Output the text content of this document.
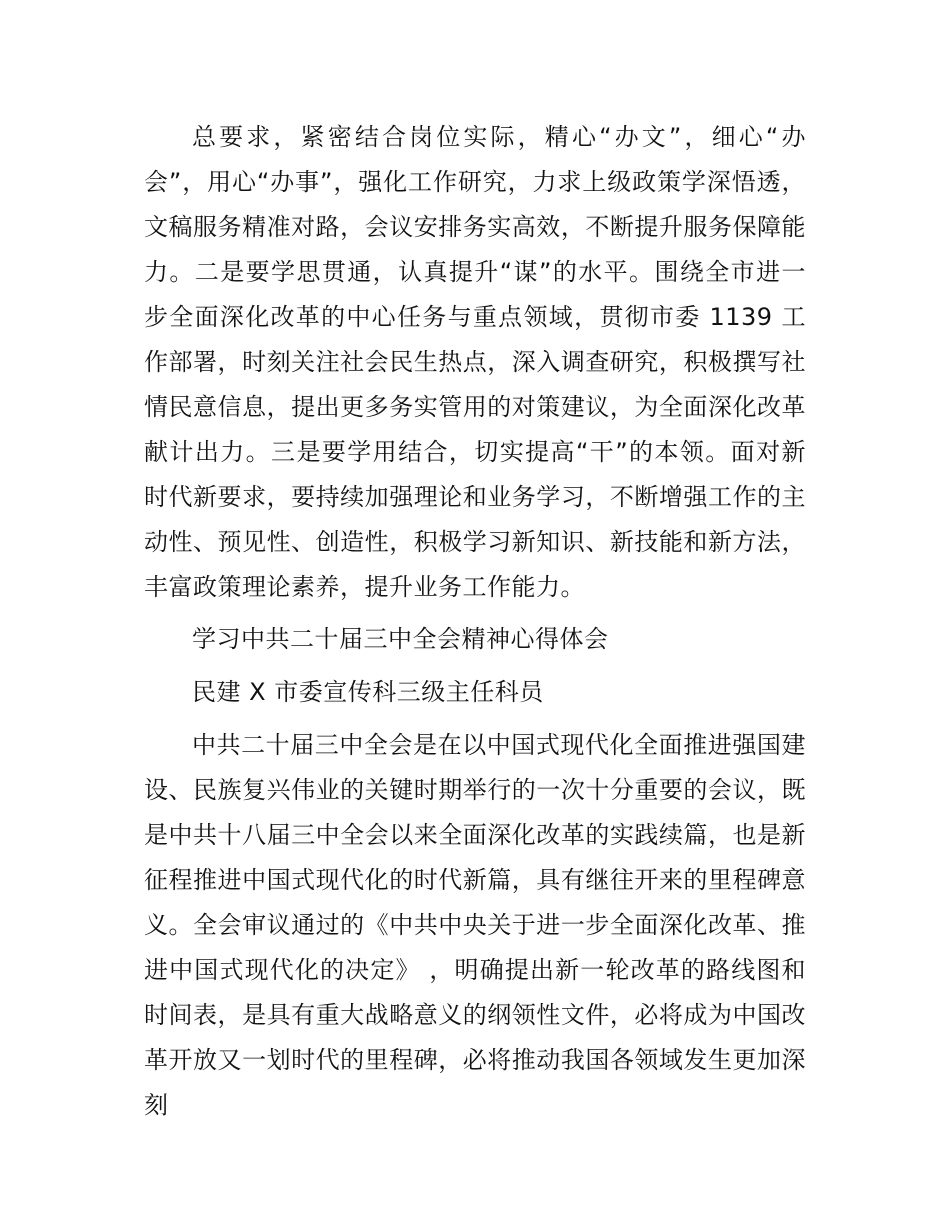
总要求，紧密结合岗位实际，精心“办文”，细心“办会”，用心“办事”，强化工作研究，力求上级政策学深悟透，文稿服务精准对路，会议安排务实高效，不断提升服务保障能力。二是要学思贯通，认真提升“谋”的水平。围绕全市进一步全面深化改革的中心任务与重点领域，贯彻市委 1139 工作部署，时刻关注社会民生热点，深入调查研究，积极撰写社情民意信息，提出更多务实管用的对策建议，为全面深化改革献计出力。三是要学用结合，切实提高“干”的本领。面对新时代新要求，要持续加强理论和业务学习，不断增强工作的主动性、预见性、创造性，积极学习新知识、新技能和新方法，丰富政策理论素养，提升业务工作能力。

学习中共二十届三中全会精神心得体会

民建 X 市委宣传科三级主任科员

中共二十届三中全会是在以中国式现代化全面推进强国建设、民族复兴伟业的关键时期举行的一次十分重要的会议，既是中共十八届三中全会以来全面深化改革的实践续篇，也是新征程推进中国式现代化的时代新篇，具有继往开来的里程碑意义。全会审议通过的《中共中央关于进一步全面深化改革、推进中国式现代化的决定》 ，明确提出新一轮改革的路线图和时间表，是具有重大战略意义的纲领性文件，必将成为中国改革开放又一划时代的里程碑，必将推动我国各领域发生更加深刻
